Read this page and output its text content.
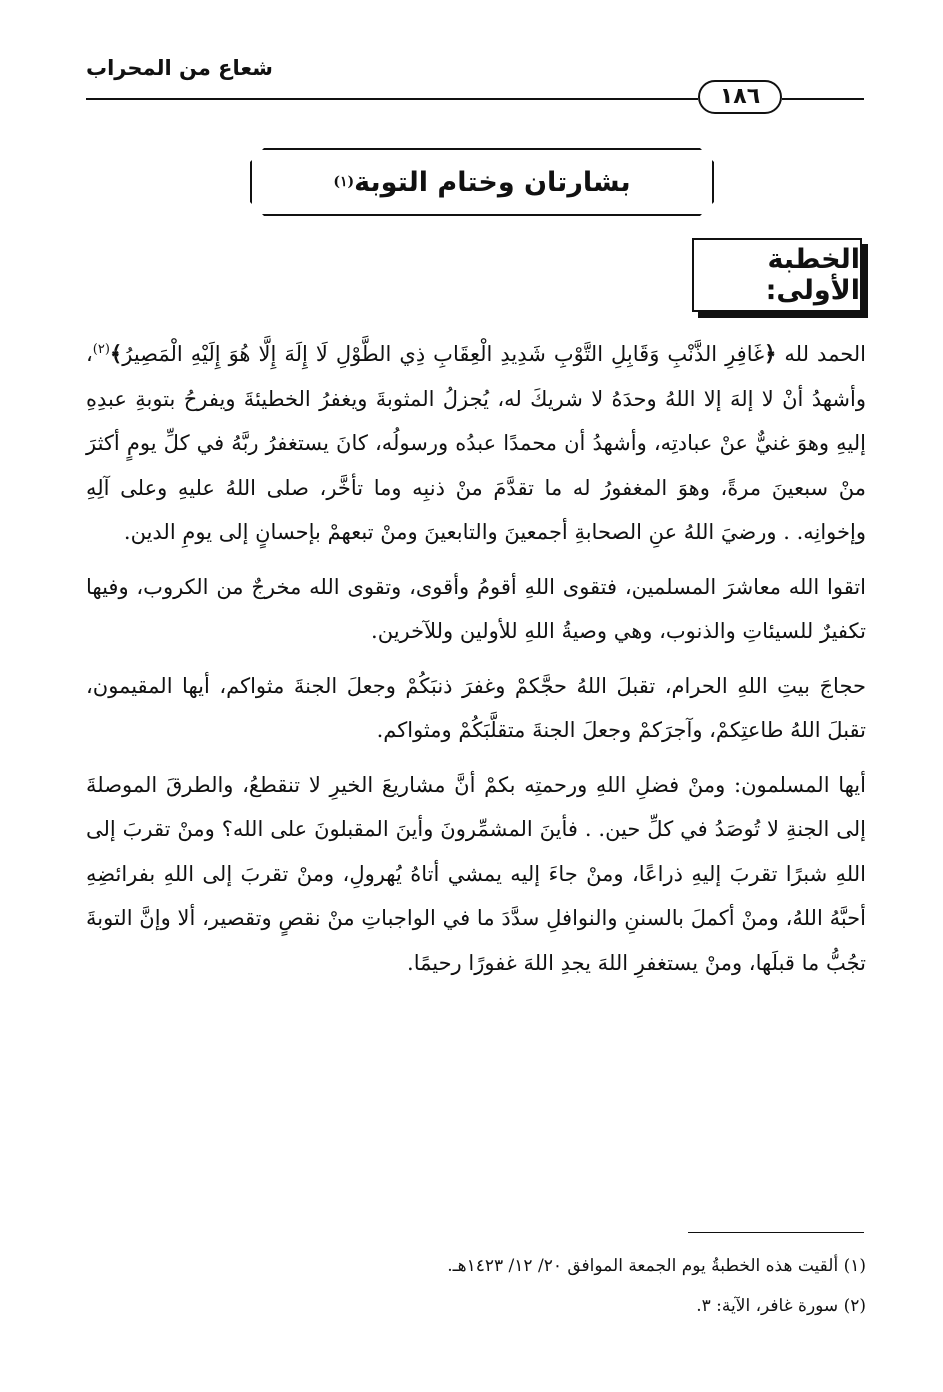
شعاع من المحراب
١٨٦
بشارتان وختام التوبة
(١)
الخطبة الأولى:

الحمد لله ﴿غَافِرِ الذَّنْبِ وَقَابِلِ التَّوْبِ شَدِيدِ الْعِقَابِ ذِي الطَّوْلِ لَا إِلَهَ إِلَّا هُوَ إِلَيْهِ الْمَصِيرُ﴾$^{(٢)}$، وأشهدُ أنْ لا إلهَ إلا اللهُ وحدَهُ لا شريكَ له، يُجزلُ المثوبةَ ويغفرُ الخطيئةَ ويفرحُ بتوبةِ عبدِهِ إليهِ وهوَ غنيٌّ عنْ عبادتِه، وأشهدُ أن محمدًا عبدُه ورسولُه، كانَ يستغفرُ ربَّهُ في كلِّ يومٍ أكثرَ منْ سبعينَ مرةً، وهوَ المغفورُ له ما تقدَّمَ منْ ذنبِه وما تأخَّر، صلى اللهُ عليهِ وعلى آلِهِ وإخوانِه. . ورضيَ اللهُ عنِ الصحابةِ أجمعينَ والتابعينَ ومنْ تبعهمْ بإحسانٍ إلى يومِ الدين.

اتقوا الله معاشرَ المسلمين، فتقوى اللهِ أقومُ وأقوى، وتقوى الله مخرجٌ من الكروب، وفيها تكفيرٌ للسيئاتِ والذنوب، وهي وصيةُ اللهِ للأولين وللآخرين.

حجاجَ بيتِ اللهِ الحرام، تقبلَ اللهُ حجَّكمْ وغفرَ ذنبَكُمْ وجعلَ الجنةَ مثواكم، أيها المقيمون، تقبلَ اللهُ طاعتِكمْ، وآجرَكمْ وجعلَ الجنةَ متقلَّبَكُمْ ومثواكم.

أيها المسلمون: ومنْ فضلِ اللهِ ورحمتِه بكمْ أنَّ مشاريعَ الخيرِ لا تنقطعُ، والطرقَ الموصلةَ إلى الجنةِ لا تُوصَدُ في كلِّ حين. . فأينَ المشمِّرونَ وأينَ المقبلونَ على الله؟ ومنْ تقربَ إلى اللهِ شبرًا تقربَ إليهِ ذراعًا، ومنْ جاءَ إليه يمشي أتاهُ يُهرولِ، ومنْ تقربَ إلى اللهِ بفرائضِهِ أحبَّهُ اللهُ، ومنْ أكملَ بالسننِ والنوافلِ سدَّدَ ما في الواجباتِ منْ نقصٍ وتقصير، ألا وإنَّ التوبةَ تجُبُّ ما قبلَها، ومنْ يستغفرِ اللهَ يجدِ اللهَ غفورًا رحيمًا.

(١) ألقيت هذه الخطبةُ يوم الجمعة الموافق ٢٠/ ١٢/ ١٤٢٣هـ.

(٢) سورة غافر، الآية: ٣.
